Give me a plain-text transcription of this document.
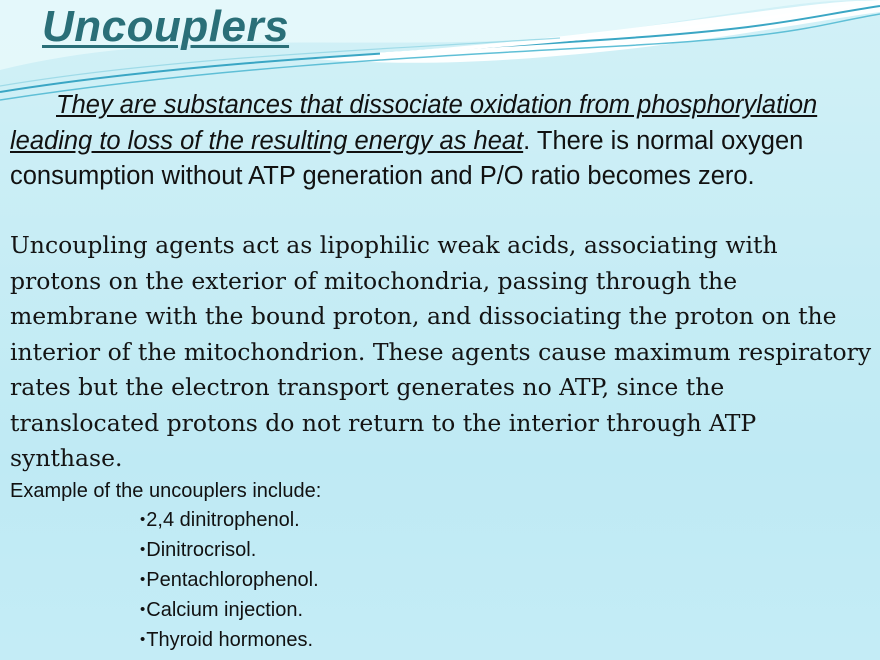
Uncouplers

They are substances that dissociate oxidation from phosphorylation leading to loss of the resulting energy as heat. There is normal oxygen consumption without ATP generation and P/O ratio becomes zero.

Uncoupling agents act as lipophilic weak acids, associating with protons on the exterior of mitochondria, passing through the membrane with the bound proton, and dissociating the proton on the interior of the mitochondrion. These agents cause maximum respiratory rates but the electron transport generates no ATP, since the translocated protons do not return to the interior through ATP synthase.

Example of the uncouplers include:

•2,4 dinitrophenol.
•Dinitrocrisol.
•Pentachlorophenol.
•Calcium injection.
•Thyroid hormones.
